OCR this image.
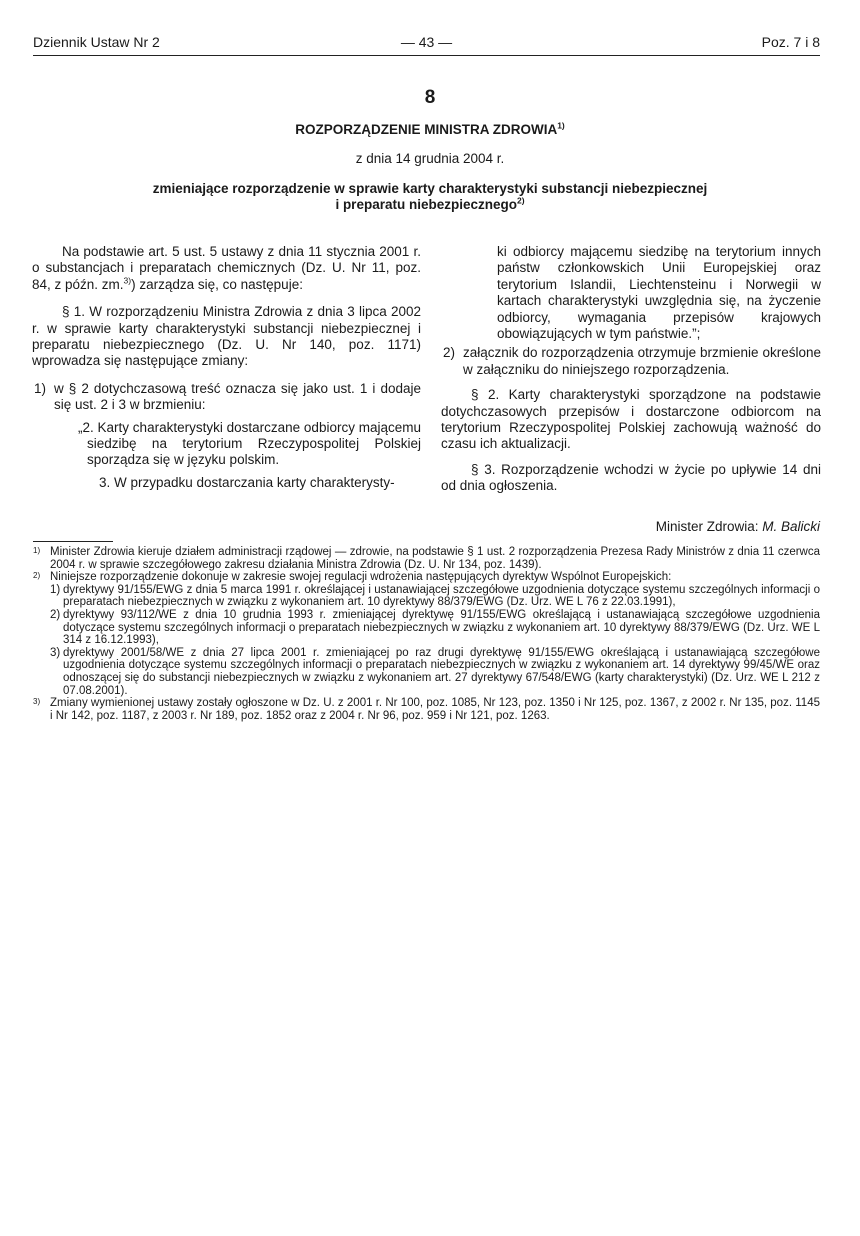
Dziennik Ustaw Nr 2	— 43 —	Poz. 7 i 8
8
ROZPORZĄDZENIE MINISTRA ZDROWIA$^{1)}$
z dnia 14 grudnia 2004 r.
zmieniające rozporządzenie w sprawie karty charakterystyki substancji niebezpiecznej
i preparatu niebezpiecznego$^{2)}$

Na podstawie art. 5 ust. 5 ustawy z dnia 11 stycznia 2001 r. o substancjach i preparatach chemicznych (Dz. U. Nr 11, poz. 84, z późn. zm.$^{3)}$) zarządza się, co następuje:

§ 1. W rozporządzeniu Ministra Zdrowia z dnia 3 lipca 2002 r. w sprawie karty charakterystyki substancji niebezpiecznej i preparatu niebezpiecznego (Dz. U. Nr 140, poz. 1171) wprowadza się następujące zmiany:

1) w § 2 dotychczasową treść oznacza się jako ust. 1 i dodaje się ust. 2 i 3 w brzmieniu:

„2. Karty charakterystyki dostarczane odbiorcy mającemu siedzibę na terytorium Rzeczypospolitej Polskiej sporządza się w języku polskim.

3. W przypadku dostarczania karty charakterysty-

ki odbiorcy mającemu siedzibę na terytorium innych państw członkowskich Unii Europejskiej oraz terytorium Islandii, Liechtensteinu i Norwegii w kartach charakterystyki uwzględnia się, na życzenie odbiorcy, wymagania przepisów krajowych obowiązujących w tym państwie.”;

2) załącznik do rozporządzenia otrzymuje brzmienie określone w załączniku do niniejszego rozporządzenia.

§ 2. Karty charakterystyki sporządzone na podstawie dotychczasowych przepisów i dostarczone odbiorcom na terytorium Rzeczypospolitej Polskiej zachowują ważność do czasu ich aktualizacji.

§ 3. Rozporządzenie wchodzi w życie po upływie 14 dni od dnia ogłoszenia.

Minister Zdrowia: M. Balicki

1) Minister Zdrowia kieruje działem administracji rządowej — zdrowie, na podstawie § 1 ust. 2 rozporządzenia Prezesa Rady Ministrów z dnia 11 czerwca 2004 r. w sprawie szczegółowego zakresu działania Ministra Zdrowia (Dz. U. Nr 134, poz. 1439).

2) Niniejsze rozporządzenie dokonuje w zakresie swojej regulacji wdrożenia następujących dyrektyw Wspólnot Europejskich:

1) dyrektywy 91/155/EWG z dnia 5 marca 1991 r. określającej i ustanawiającej szczegółowe uzgodnienia dotyczące systemu szczególnych informacji o preparatach niebezpiecznych w związku z wykonaniem art. 10 dyrektywy 88/379/EWG (Dz. Urz. WE L 76 z 22.03.1991),

2) dyrektywy 93/112/WE z dnia 10 grudnia 1993 r. zmieniającej dyrektywę 91/155/EWG określającą i ustanawiającą szczegółowe uzgodnienia dotyczące systemu szczególnych informacji o preparatach niebezpiecznych w związku z wykonaniem art. 10 dyrektywy 88/379/EWG (Dz. Urz. WE L 314 z 16.12.1993),

3) dyrektywy 2001/58/WE z dnia 27 lipca 2001 r. zmieniającej po raz drugi dyrektywę 91/155/EWG określającą i ustanawiającą szczegółowe uzgodnienia dotyczące systemu szczególnych informacji o preparatach niebezpiecznych w związku z wykonaniem art. 14 dyrektywy 99/45/WE oraz odnoszącej się do substancji niebezpiecznych w związku z wykonaniem art. 27 dyrektywy 67/548/EWG (karty charakterystyki) (Dz. Urz. WE L 212 z 07.08.2001).

3) Zmiany wymienionej ustawy zostały ogłoszone w Dz. U. z 2001 r. Nr 100, poz. 1085, Nr 123, poz. 1350 i Nr 125, poz. 1367, z 2002 r. Nr 135, poz. 1145 i Nr 142, poz. 1187, z 2003 r. Nr 189, poz. 1852 oraz z 2004 r. Nr 96, poz. 959 i Nr 121, poz. 1263.
